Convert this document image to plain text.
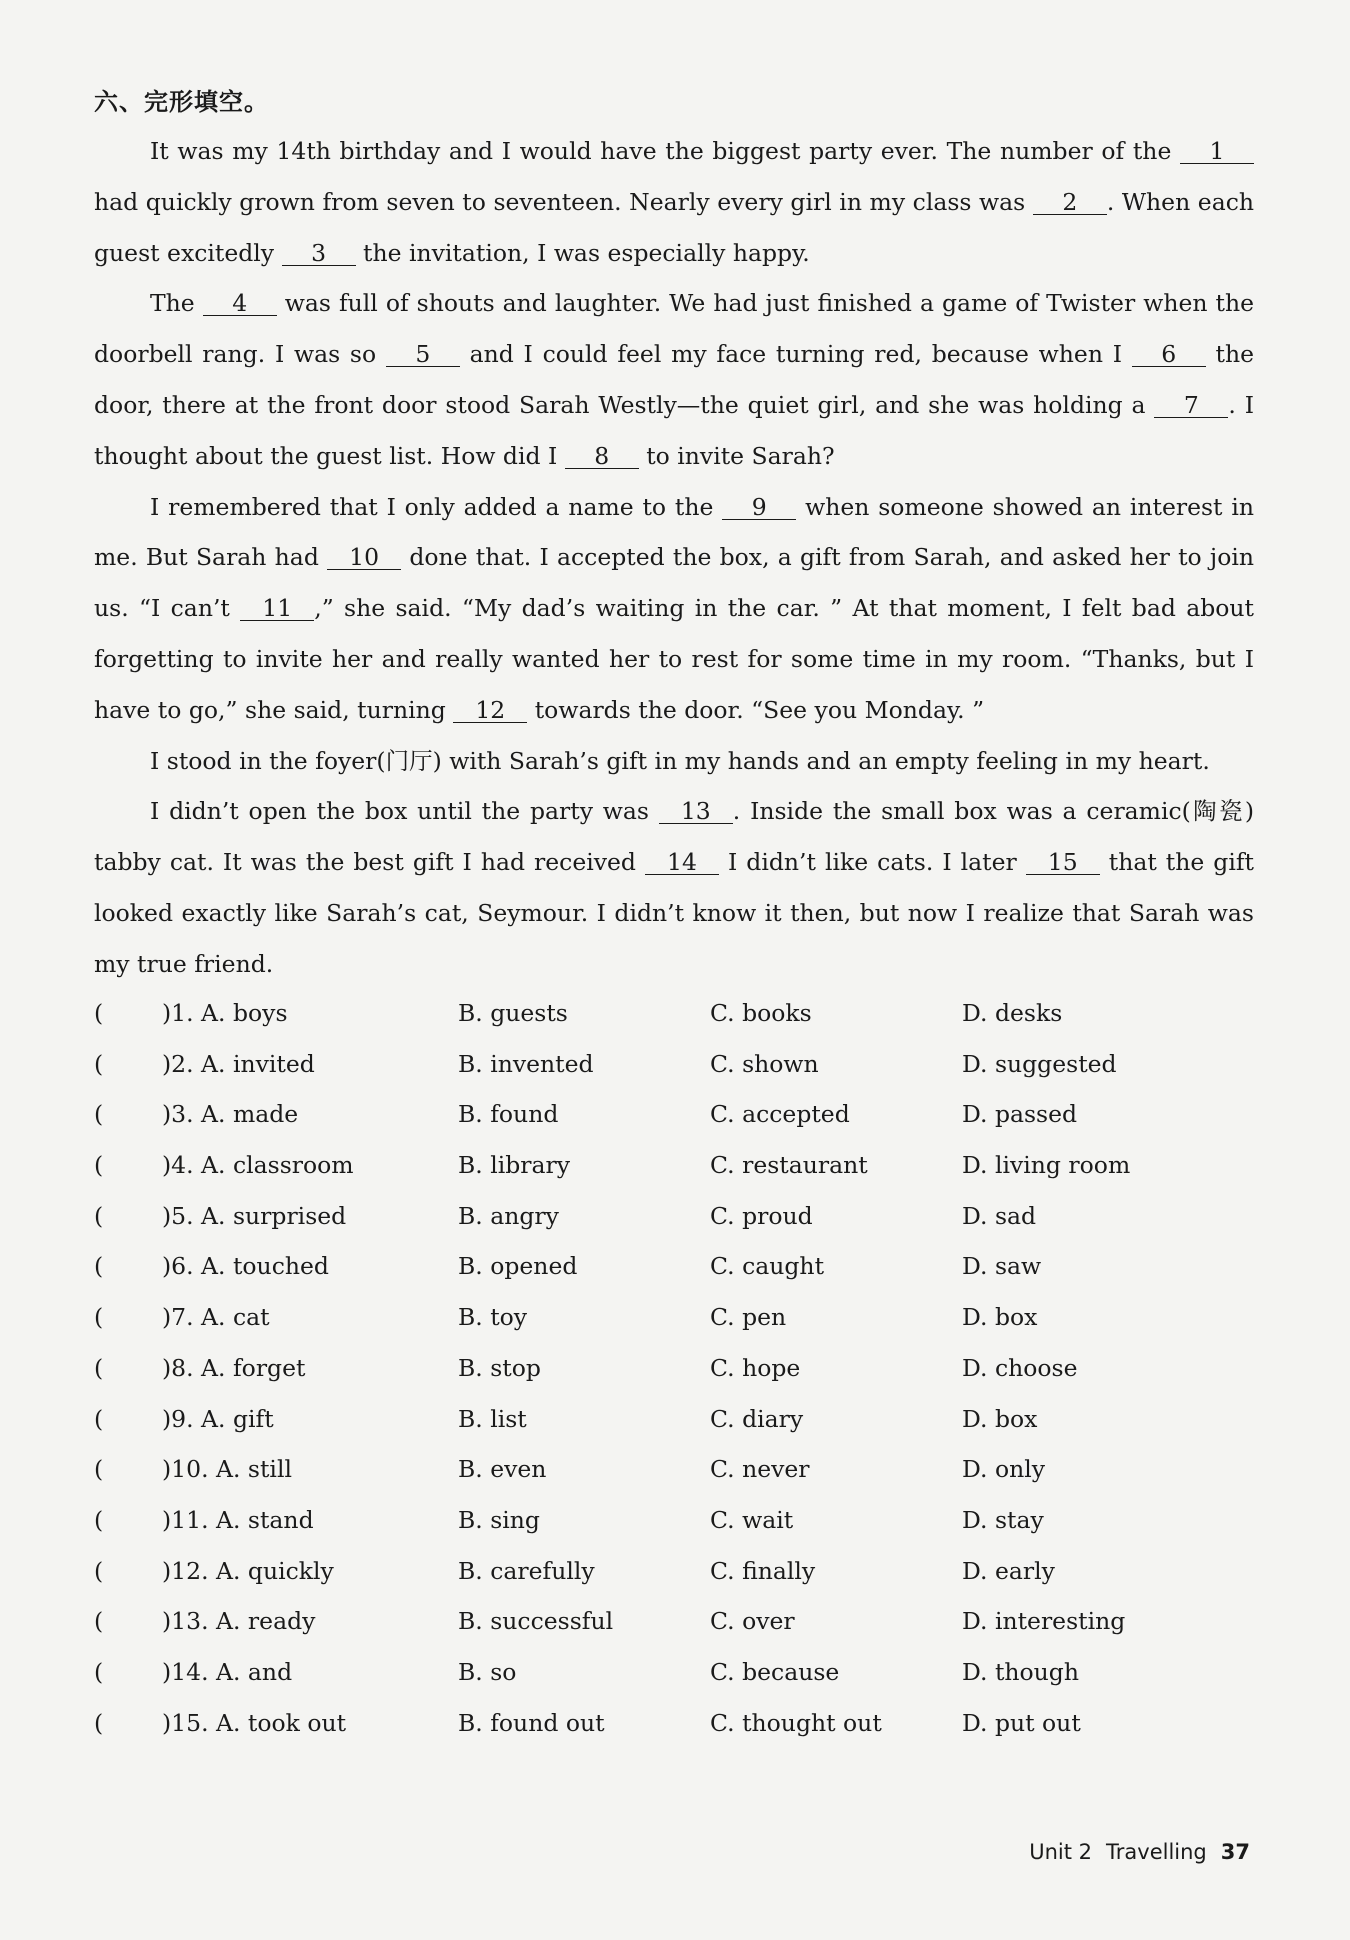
六、完形填空。

It was my 14th birthday and I would have the biggest party ever. The number of the 1 had quickly grown from seven to seventeen. Nearly every girl in my class was 2 . When each guest excitedly 3 the invitation, I was especially happy.

The 4 was full of shouts and laughter. We had just finished a game of Twister when the doorbell rang. I was so 5 and I could feel my face turning red, because when I 6 the door, there at the front door stood Sarah Westly—the quiet girl, and she was holding a 7 . I thought about the guest list. How did I 8 to invite Sarah?

I remembered that I only added a name to the 9 when someone showed an interest in me. But Sarah had 10 done that. I accepted the box, a gift from Sarah, and asked her to join us. “I can’t 11 ,” she said. “My dad’s waiting in the car. ” At that moment, I felt bad about forgetting to invite her and really wanted her to rest for some time in my room. “Thanks, but I have to go,” she said, turning 12 towards the door. “See you Monday. ”

I stood in the foyer(门厅) with Sarah’s gift in my hands and an empty feeling in my heart.

I didn’t open the box until the party was 13 . Inside the small box was a ceramic(陶瓷) tabby cat. It was the best gift I had received 14 I didn’t like cats. I later 15 that the gift looked exactly like Sarah’s cat, Seymour. I didn’t know it then, but now I realize that Sarah was my true friend.

(	)1. A. boys	B. guests	C. books	D. desks
(	)2. A. invited	B. invented	C. shown	D. suggested
(	)3. A. made	B. found	C. accepted	D. passed
(	)4. A. classroom	B. library	C. restaurant	D. living room
(	)5. A. surprised	B. angry	C. proud	D. sad
(	)6. A. touched	B. opened	C. caught	D. saw
(	)7. A. cat	B. toy	C. pen	D. box
(	)8. A. forget	B. stop	C. hope	D. choose
(	)9. A. gift	B. list	C. diary	D. box
(	)10. A. still	B. even	C. never	D. only
(	)11. A. stand	B. sing	C. wait	D. stay
(	)12. A. quickly	B. carefully	C. finally	D. early
(	)13. A. ready	B. successful	C. over	D. interesting
(	)14. A. and	B. so	C. because	D. though
(	)15. A. took out	B. found out	C. thought out	D. put out
Unit 2 Travelling 37
